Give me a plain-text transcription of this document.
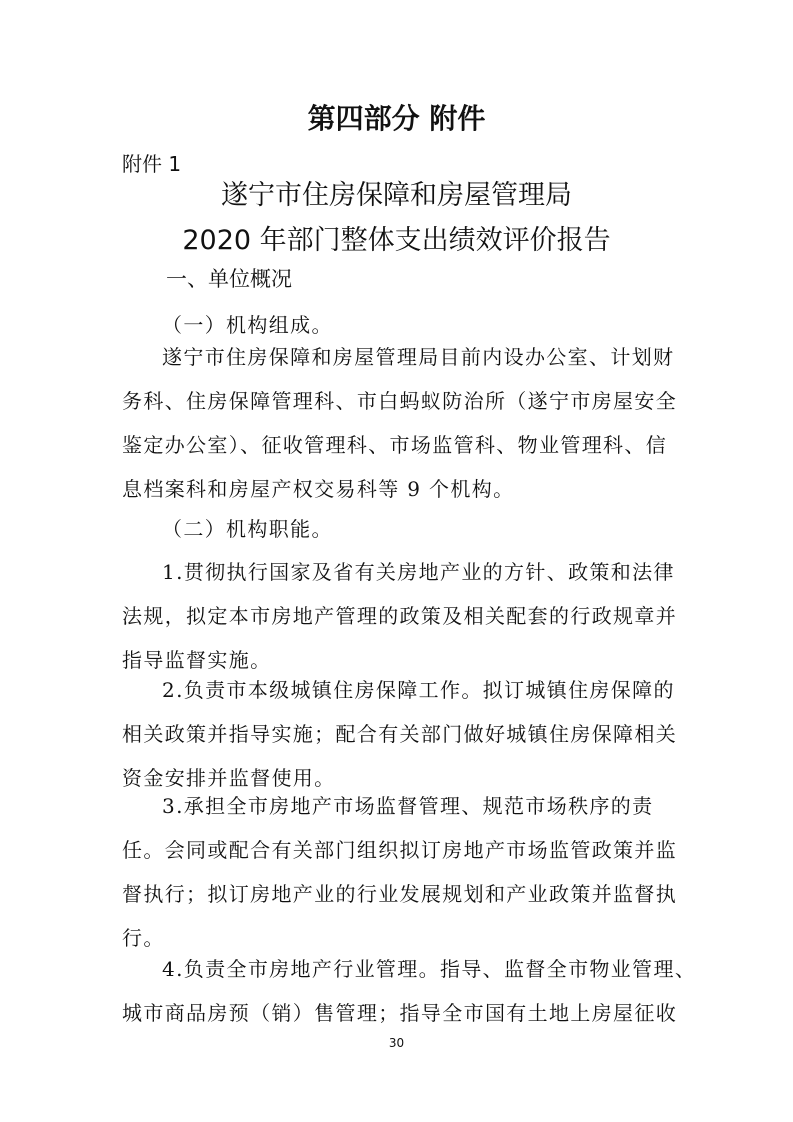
第四部分 附件
附件 1
遂宁市住房保障和房屋管理局
2020 年部门整体支出绩效评价报告
一、单位概况
（一）机构组成。
遂宁市住房保障和房屋管理局目前内设办公室、计划财
务科、住房保障管理科、市白蚂蚁防治所（遂宁市房屋安全
鉴定办公室）、征收管理科、市场监管科、物业管理科、信
息档案科和房屋产权交易科等 9 个机构。
（二）机构职能。
1.贯彻执行国家及省有关房地产业的方针、政策和法律
法规，拟定本市房地产管理的政策及相关配套的行政规章并
指导监督实施。
2.负责市本级城镇住房保障工作。拟订城镇住房保障的
相关政策并指导实施；配合有关部门做好城镇住房保障相关
资金安排并监督使用。
3.承担全市房地产市场监督管理、规范市场秩序的责
任。会同或配合有关部门组织拟订房地产市场监管政策并监
督执行；拟订房地产业的行业发展规划和产业政策并监督执
行。
4.负责全市房地产行业管理。指导、监督全市物业管理、
城市商品房预（销）售管理；指导全市国有土地上房屋征收
30
